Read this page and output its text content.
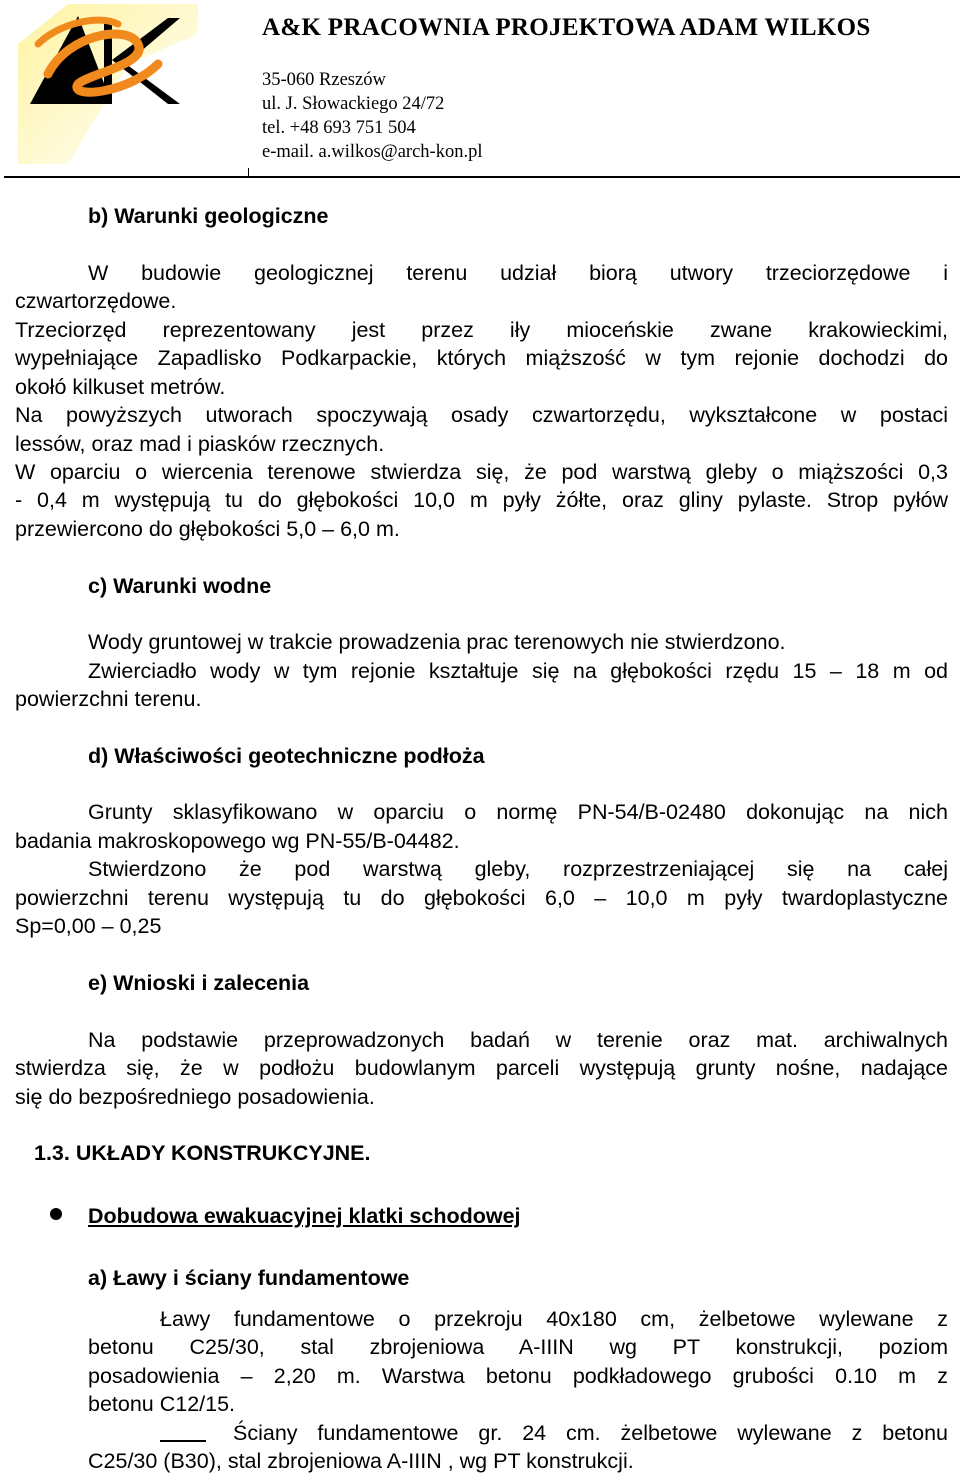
A&K PRACOWNIA PROJEKTOWA ADAM WILKOS
35-060 Rzeszów
ul. J. Słowackiego 24/72
tel. +48 693 751 504
e-mail. a.wilkos@arch-kon.pl
b) Warunki geologiczne
W budowie geologicznej terenu udział biorą utwory trzeciorzędowe i
czwartorzędowe.
Trzeciorzęd reprezentowany jest przez iły mioceńskie zwane krakowieckimi,
wypełniające Zapadlisko Podkarpackie, których miąższość w tym rejonie dochodzi do
okołó kilkuset metrów.
Na powyższych utworach spoczywają osady czwartorzędu, wykształcone w postaci
lessów, oraz mad i piasków rzecznych.
W oparciu o wiercenia terenowe stwierdza się, że pod warstwą gleby o miąższości 0,3
- 0,4 m występują tu do głębokości 10,0 m pyły żółte, oraz gliny pylaste. Strop pyłów
przewiercono do głębokości 5,0 – 6,0 m.
c) Warunki wodne
Wody gruntowej w trakcie prowadzenia prac terenowych nie stwierdzono.
Zwierciadło wody w tym rejonie kształtuje się na głębokości rzędu 15 – 18 m od
powierzchni terenu.
d) Właściwości geotechniczne podłoża
Grunty sklasyfikowano w oparciu o normę PN-54/B-02480 dokonując na nich
badania makroskopowego wg PN-55/B-04482.
Stwierdzono że pod warstwą gleby, rozprzestrzeniającej się na całej
powierzchni terenu występują tu do głębokości 6,0 – 10,0 m pyły twardoplastyczne
Sp=0,00 – 0,25
e) Wnioski i zalecenia
Na podstawie przeprowadzonych badań w terenie oraz mat. archiwalnych
stwierdza się, że w podłożu budowlanym parceli występują grunty nośne, nadające
się do bezpośredniego posadowienia.
1.3. UKŁADY KONSTRUKCYJNE.
Dobudowa ewakuacyjnej klatki schodowej
a) Ławy i ściany fundamentowe
Ławy fundamentowe o przekroju 40x180 cm, żelbetowe wylewane z
betonu C25/30, stal zbrojeniowa A-IIIN wg PT konstrukcji, poziom
posadowienia – 2,20 m. Warstwa betonu podkładowego grubości 0.10 m z
betonu C12/15.
Ściany fundamentowe gr. 24 cm. żelbetowe wylewane z betonu
C25/30 (B30), stal zbrojeniowa A-IIIN , wg PT konstrukcji.
